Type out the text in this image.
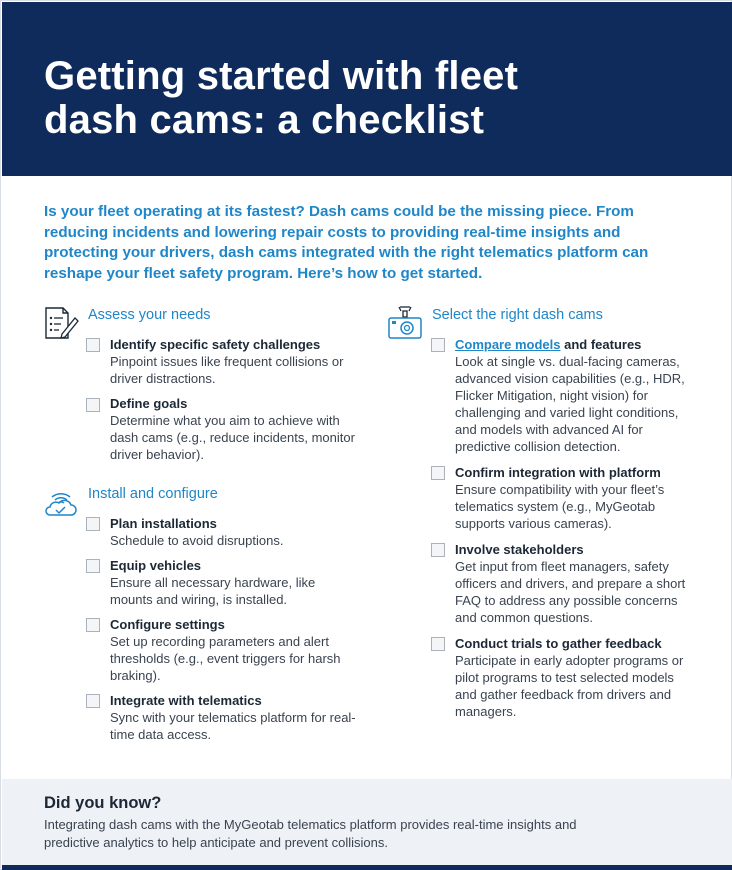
Getting started with fleet
dash cams: a checklist

Is your fleet operating at its fastest? Dash cams could be the missing piece. From reducing incidents and lowering repair costs to providing real-time insights and protecting your drivers, dash cams integrated with the right telematics platform can reshape your fleet safety program. Here’s how to get started.

Assess your needs
Identify specific safety challenges
Pinpoint issues like frequent collisions or driver distractions.
Define goals
Determine what you aim to achieve with dash cams (e.g., reduce incidents, monitor driver behavior).
Install and configure
Plan installations
Schedule to avoid disruptions.
Equip vehicles
Ensure all necessary hardware, like mounts and wiring, is installed.
Configure settings
Set up recording parameters and alert thresholds (e.g., event triggers for harsh braking).
Integrate with telematics
Sync with your telematics platform for real-time data access.
Select the right dash cams
Compare models and features
Look at single vs. dual-facing cameras, advanced vision capabilities (e.g., HDR, Flicker Mitigation, night vision) for challenging and varied light conditions, and models with advanced AI for predictive collision detection.
Confirm integration with platform
Ensure compatibility with your fleet’s telematics system (e.g., MyGeotab supports various cameras).
Involve stakeholders
Get input from fleet managers, safety officers and drivers, and prepare a short FAQ to address any possible concerns and common questions.
Conduct trials to gather feedback
Participate in early adopter programs or pilot programs to test selected models and gather feedback from drivers and managers.
Did you know?

Integrating dash cams with the MyGeotab telematics platform provides real-time insights and predictive analytics to help anticipate and prevent collisions.
